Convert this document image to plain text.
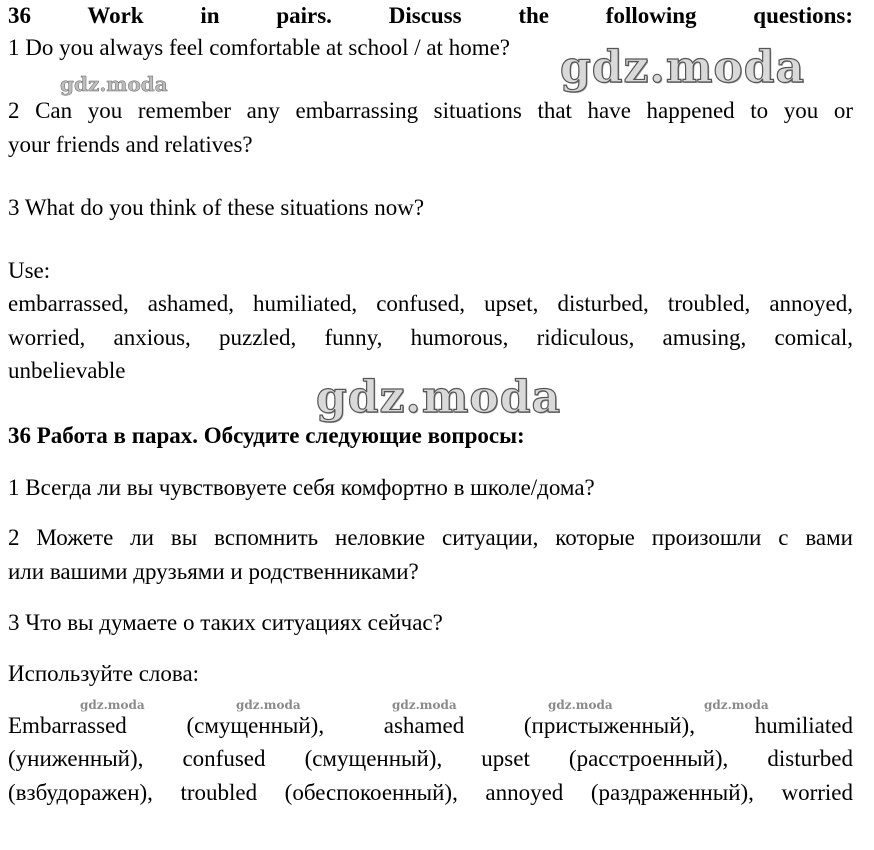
36 Work in pairs. Discuss the following questions:
1 Do you always feel comfortable at school / at home?
2 Can you remember any embarrassing situations that have happened to you or
your friends and relatives?
3 What do you think of these situations now?
Use:
embarrassed, ashamed, humiliated, confused, upset, disturbed, troubled, annoyed,
worried, anxious, puzzled, funny, humorous, ridiculous, amusing, comical,
unbelievable
36 Работа в парах. Обсудите следующие вопросы:
1 Всегда ли вы чувствовуете себя комфортно в школе/дома?
2 Можете ли вы вспомнить неловкие ситуации, которые произошли с вами
или вашими друзьями и родственниками?
3 Что вы думаете о таких ситуациях сейчас?
Используйте слова:
Embarrassed (смущенный), ashamed (пристыженный), humiliated
(униженный), confused (смущенный), upset (расстроенный), disturbed
(взбудоражен), troubled (обеспокоенный), annoyed (раздраженный), worried
gdz.moda
gdz.moda
gdz.moda
gdz.moda	gdz.moda	gdz.moda	gdz.moda	gdz.moda
